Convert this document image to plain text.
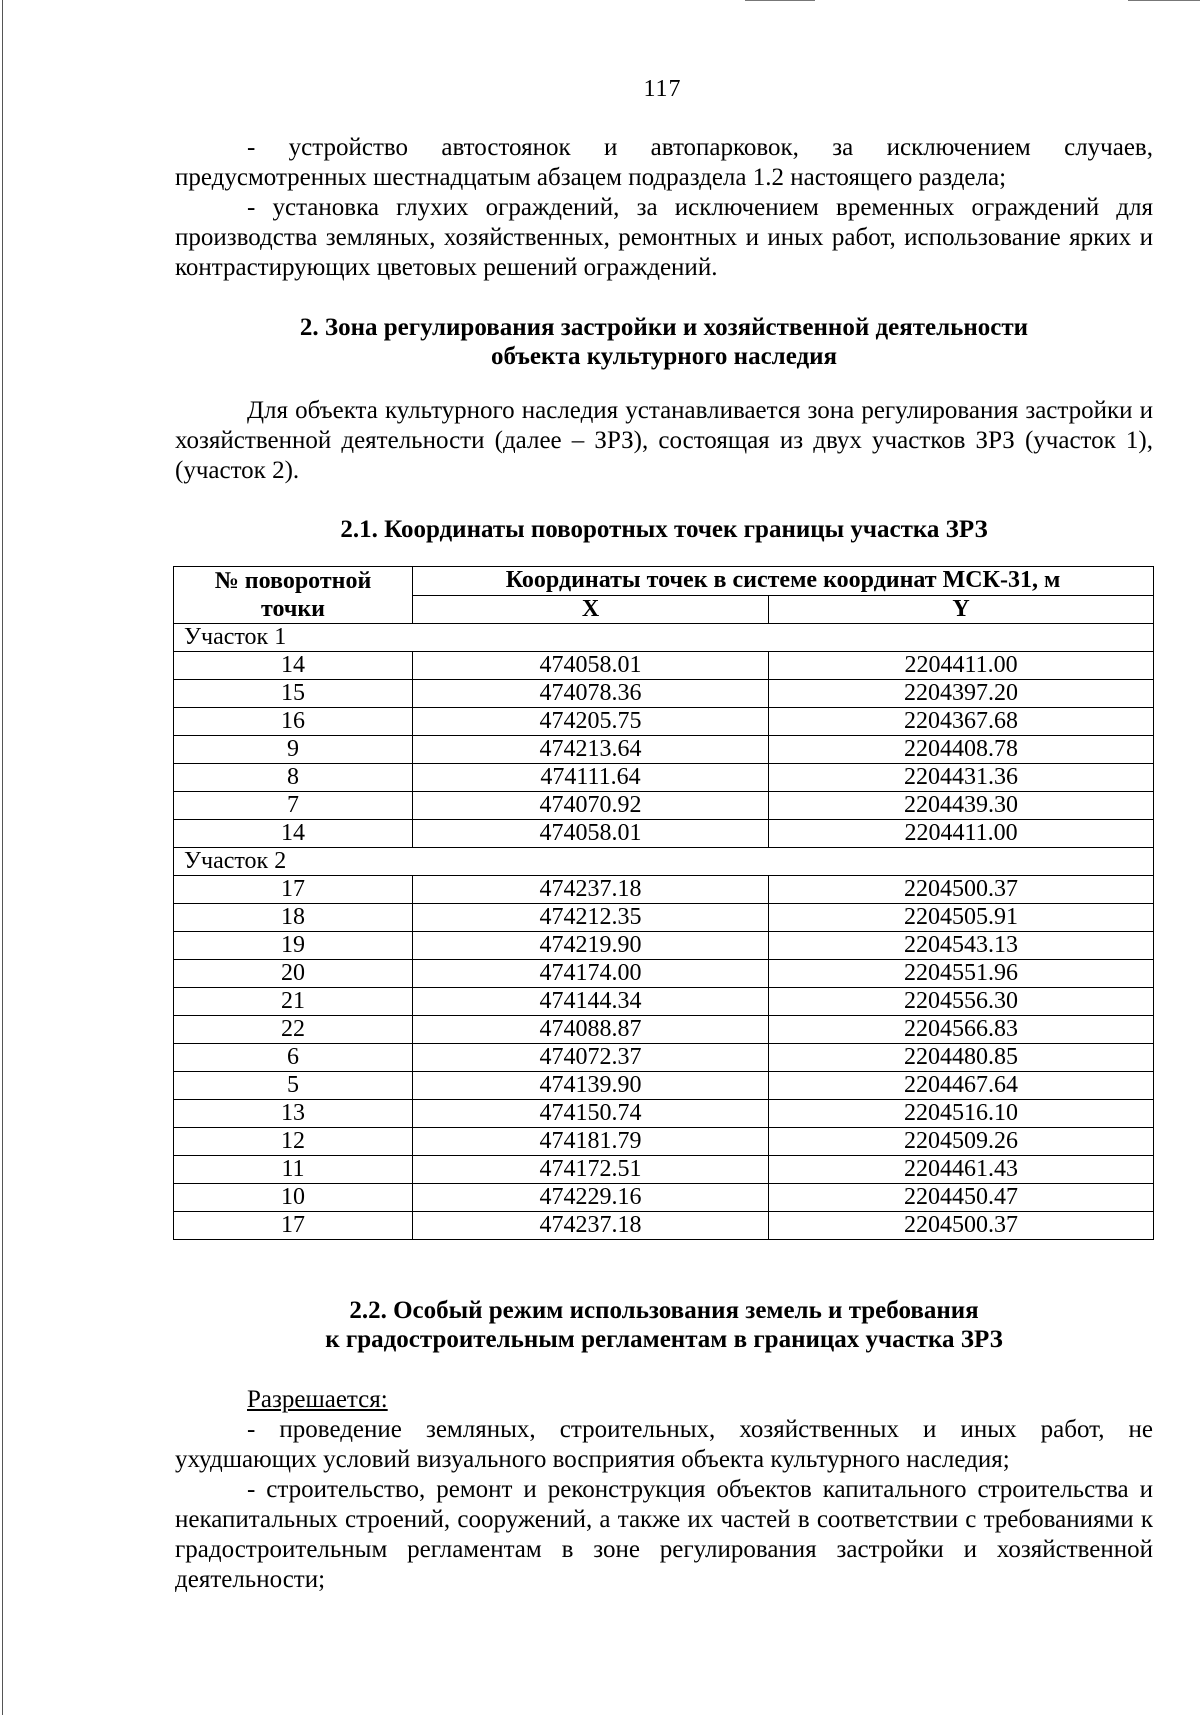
117

- устройство автостоянок и автопарковок, за исключением случаев, предусмотренных шестнадцатым абзацем подраздела 1.2 настоящего раздела;

- установка глухих ограждений, за исключением временных ограждений для производства земляных, хозяйственных, ремонтных и иных работ, использование ярких и контрастирующих цветовых решений ограждений.

2. Зона регулирования застройки и хозяйственной деятельности

объекта культурного наследия

Для объекта культурного наследия устанавливается зона регулирования застройки и хозяйственной деятельности (далее – ЗРЗ), состоящая из двух участков ЗРЗ (участок 1), (участок 2).

2.1. Координаты поворотных точек границы участка ЗРЗ

№ поворотной
точки	Координаты точек в системе координат МСК-31, м	
	X	Y
Участок 1		
14	474058.01	2204411.00
15	474078.36	2204397.20
16	474205.75	2204367.68
9	474213.64	2204408.78
8	474111.64	2204431.36
7	474070.92	2204439.30
14	474058.01	2204411.00
Участок 2		
17	474237.18	2204500.37
18	474212.35	2204505.91
19	474219.90	2204543.13
20	474174.00	2204551.96
21	474144.34	2204556.30
22	474088.87	2204566.83
6	474072.37	2204480.85
5	474139.90	2204467.64
13	474150.74	2204516.10
12	474181.79	2204509.26
11	474172.51	2204461.43
10	474229.16	2204450.47
17	474237.18	2204500.37

2.2. Особый режим использования земель и требования

к градостроительным регламентам в границах участка ЗРЗ

Разрешается:

- проведение земляных, строительных, хозяйственных и иных работ, не ухудшающих условий визуального восприятия объекта культурного наследия;

- строительство, ремонт и реконструкция объектов капитального строительства и некапитальных строений, сооружений, а также их частей в соответствии с требованиями к градостроительным регламентам в зоне регулирования застройки и хозяйственной деятельности;
